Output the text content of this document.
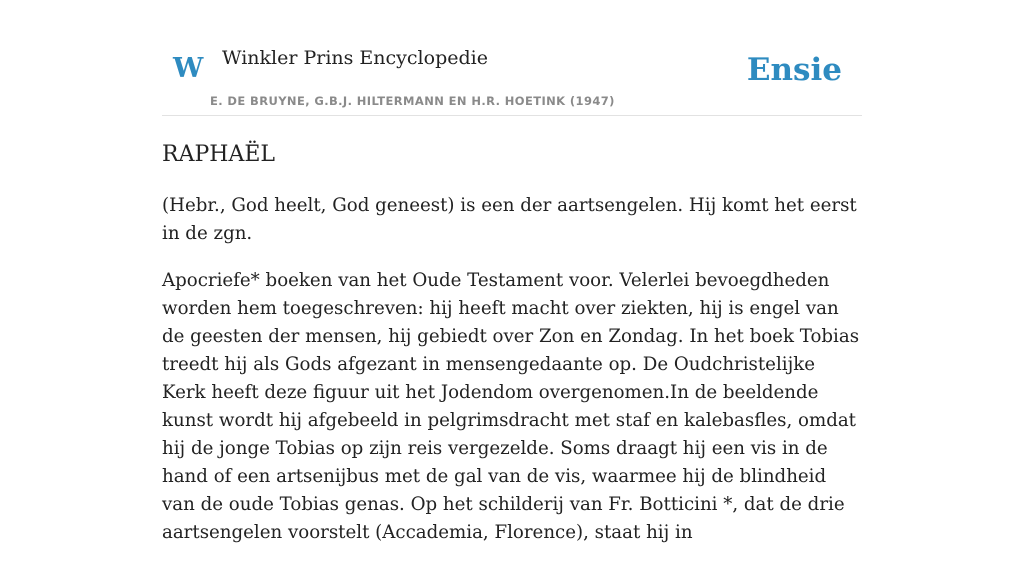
W Winkler Prins Encyclopedie
E. DE BRUYNE, G.B.J. HILTERMANN EN H.R. HOETINK (1947)
Ensie
RAPHAËL

(Hebr., God heelt, God geneest) is een der aartsengelen. Hij komt het eerst in de zgn.

Apocriefe* boeken van het Oude Testament voor. Velerlei bevoegdheden worden hem toegeschreven: hij heeft macht over ziekten, hij is engel van de geesten der mensen, hij gebiedt over Zon en Zondag. In het boek Tobias treedt hij als Gods afgezant in mensengedaante op. De Oudchristelijke Kerk heeft deze figuur uit het Jodendom overgenomen.In de beeldende kunst wordt hij afgebeeld in pelgrimsdracht met staf en kalebasfles, omdat hij de jonge Tobias op zijn reis vergezelde. Soms draagt hij een vis in de hand of een artsenijbus met de gal van de vis, waarmee hij de blindheid van de oude Tobias genas. Op het schilderij van Fr. Botticini *, dat de drie aartsengelen voorstelt (Accademia, Florence), staat hij in
